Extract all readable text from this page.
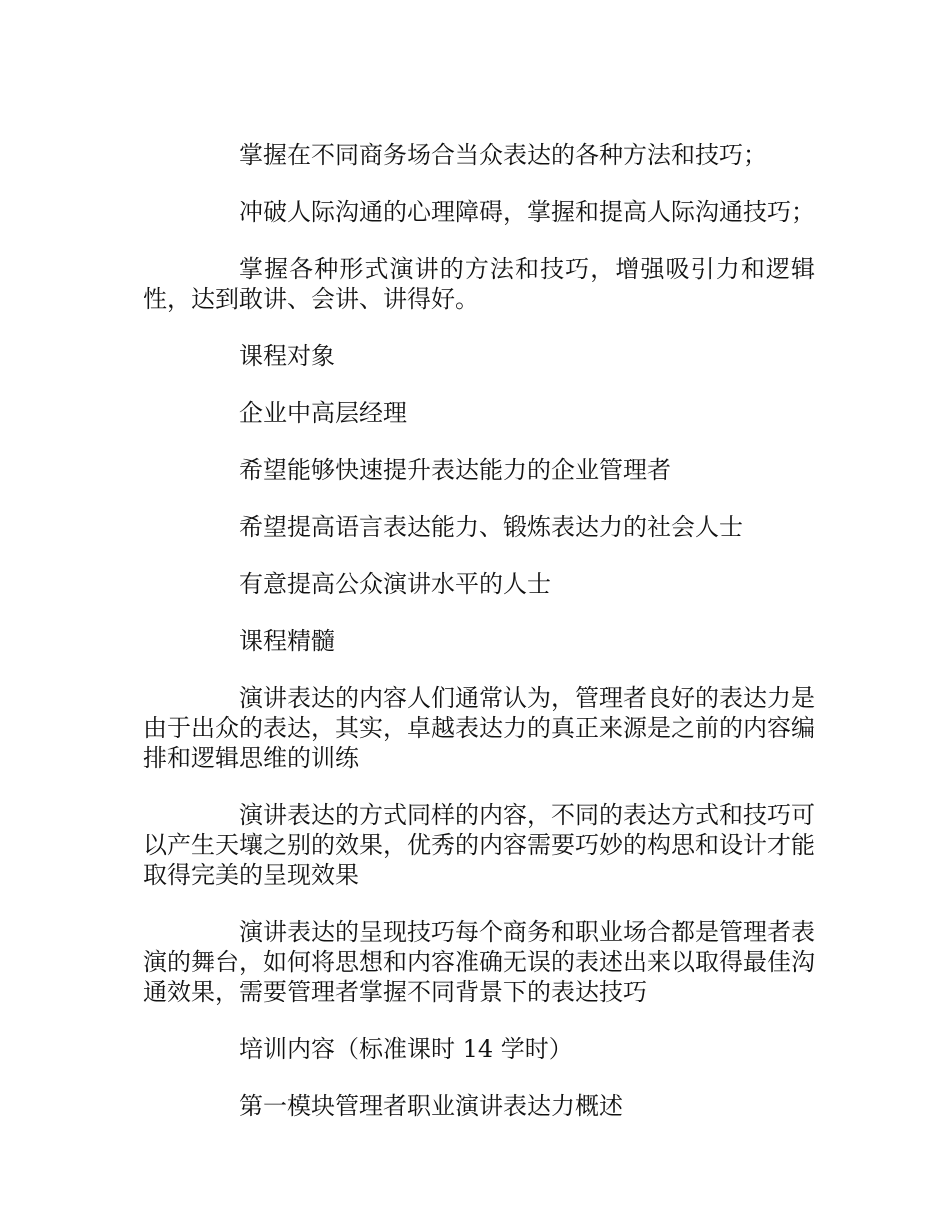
掌握在不同商务场合当众表达的各种方法和技巧；

冲破人际沟通的心理障碍，掌握和提高人际沟通技巧；

掌握各种形式演讲的方法和技巧，增强吸引力和逻辑性，达到敢讲、会讲、讲得好。

课程对象

企业中高层经理

希望能够快速提升表达能力的企业管理者

希望提高语言表达能力、锻炼表达力的社会人士

有意提高公众演讲水平的人士

课程精髓

演讲表达的内容人们通常认为，管理者良好的表达力是由于出众的表达，其实，卓越表达力的真正来源是之前的内容编排和逻辑思维的训练

演讲表达的方式同样的内容，不同的表达方式和技巧可以产生天壤之别的效果，优秀的内容需要巧妙的构思和设计才能取得完美的呈现效果

演讲表达的呈现技巧每个商务和职业场合都是管理者表演的舞台，如何将思想和内容准确无误的表述出来以取得最佳沟通效果，需要管理者掌握不同背景下的表达技巧

培训内容（标准课时 14 学时）

第一模块管理者职业演讲表达力概述
